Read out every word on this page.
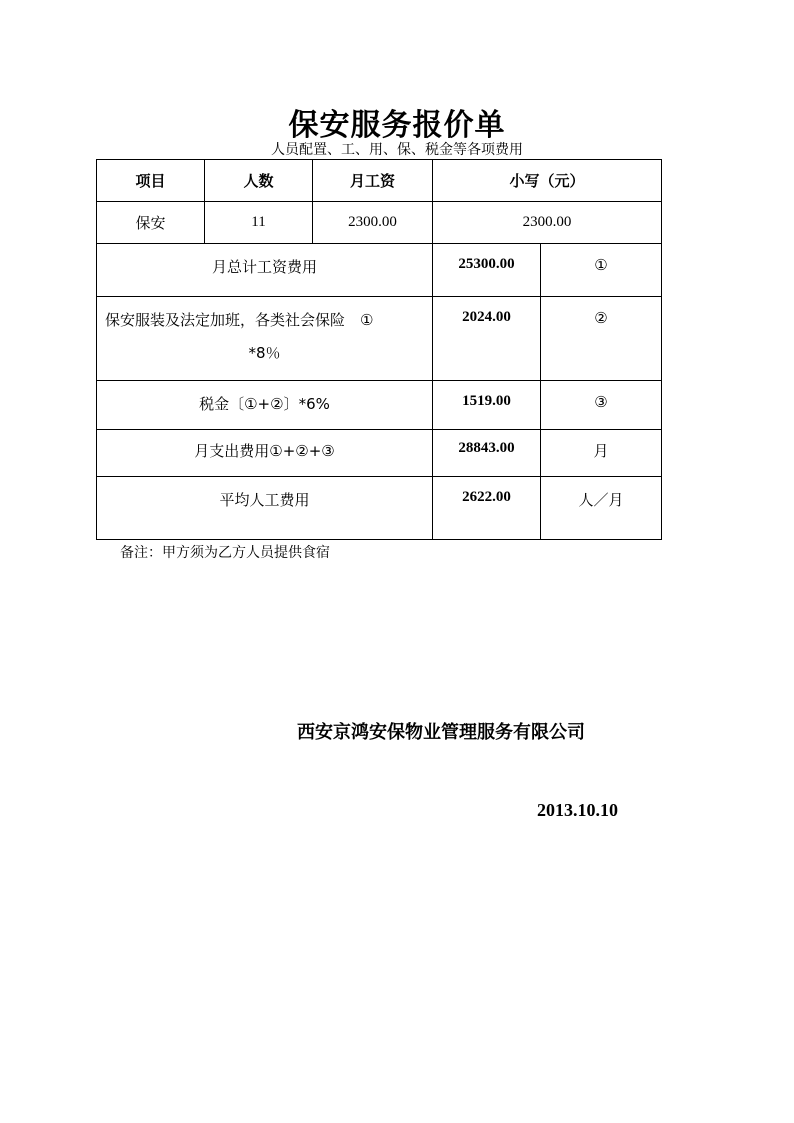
保安服务报价单
人员配置、工、用、保、税金等各项费用
项目	人数	月工资	小写（元）	
保安	11	2300.00	2300.00	

月总计工资费用			25300.00	①

保安服装及法定加班，各类社会保险　①
*8％			2024.00	②

税金〔①+②〕*6%			1519.00	③

月支出费用①+②+③			28843.00	月

平均人工费用			2622.00	人／月
备注：甲方须为乙方人员提供食宿
西安京鸿安保物业管理服务有限公司
2013.10.10
